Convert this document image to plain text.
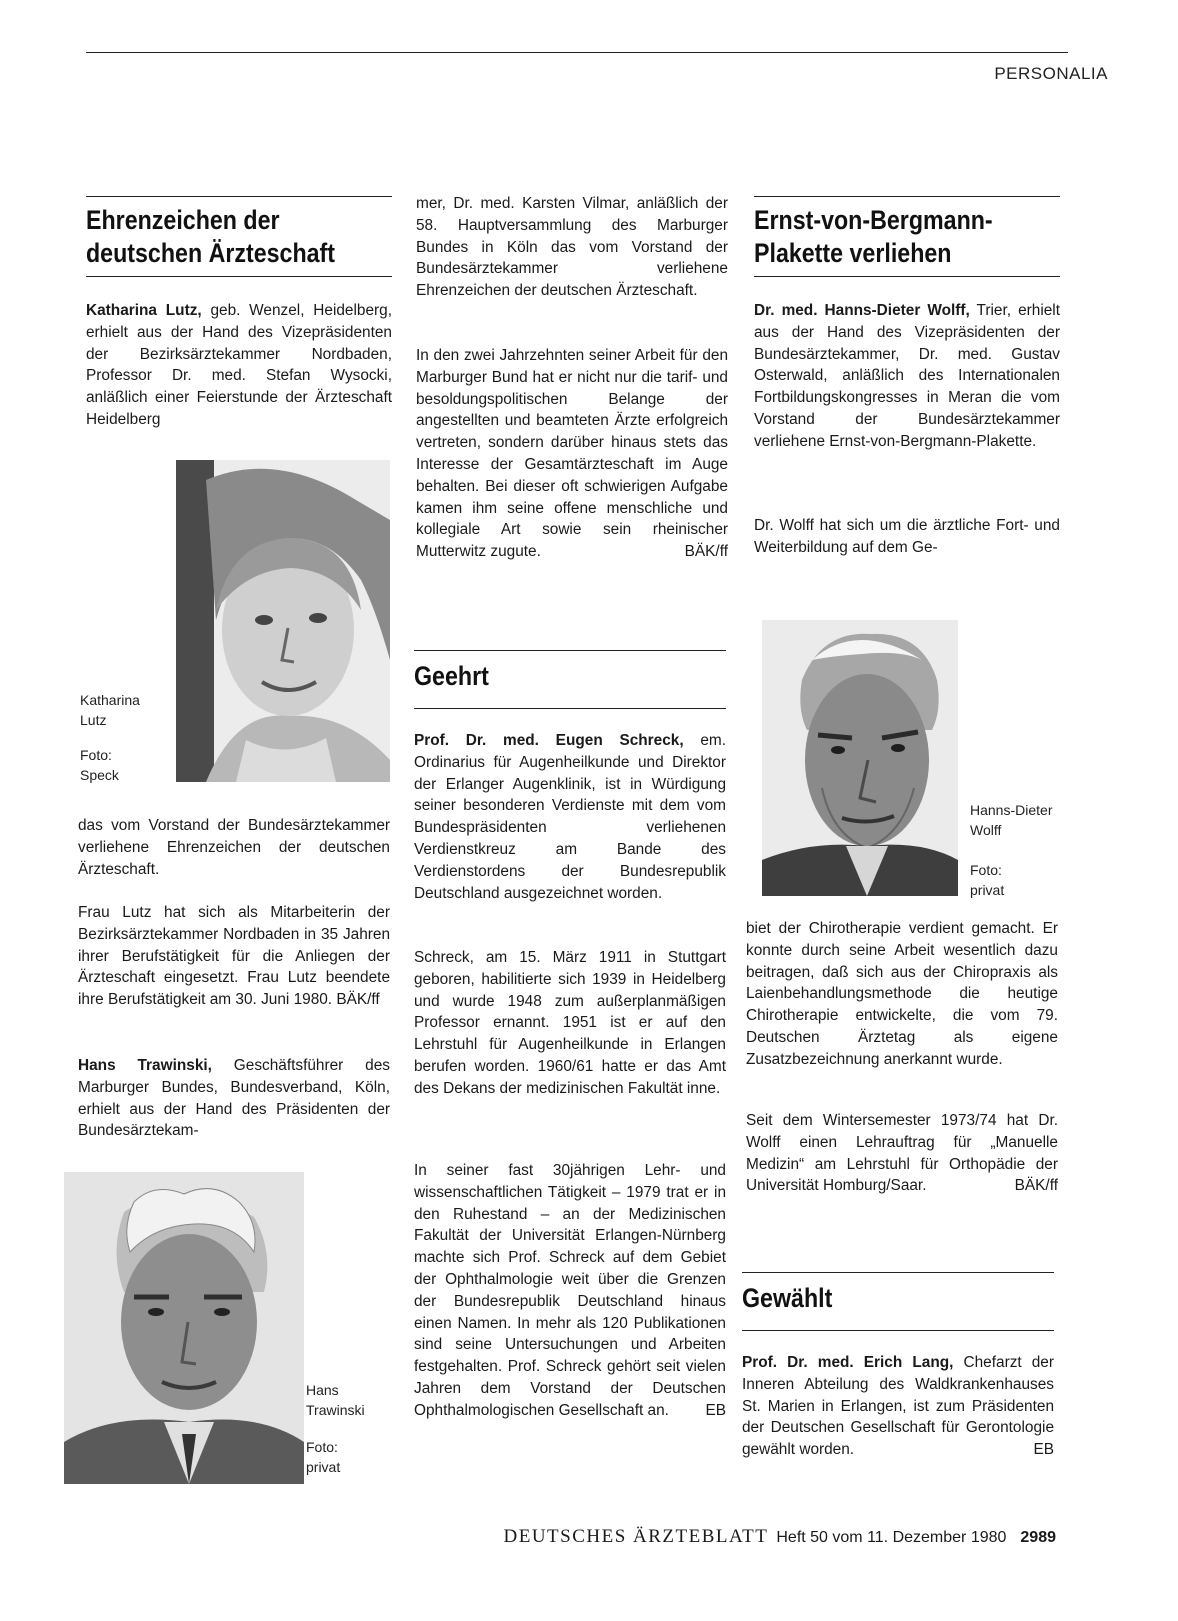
PERSONALIA
Ehrenzeichen der deutschen Ärzteschaft

Katharina Lutz, geb. Wenzel, Heidelberg, erhielt aus der Hand des Vizepräsidenten der Bezirksärztekammer Nordbaden, Professor Dr. med. Stefan Wysocki, anläßlich einer Feierstunde der Ärzteschaft Heidelberg

Katharina Lutz

Foto: Speck

das vom Vorstand der Bundesärztekammer verliehene Ehrenzeichen der deutschen Ärzteschaft.

Frau Lutz hat sich als Mitarbeiterin der Bezirksärztekammer Nordbaden in 35 Jahren ihrer Berufstätigkeit für die Anliegen der Ärzteschaft eingesetzt. Frau Lutz beendete ihre Berufstätigkeit am 30. Juni 1980. BÄK/ff

Hans Trawinski, Geschäftsführer des Marburger Bundes, Bundesverband, Köln, erhielt aus der Hand des Präsidenten der Bundesärztekam-

Hans Trawinski

Foto: privat

mer, Dr. med. Karsten Vilmar, anläßlich der 58. Hauptversammlung des Marburger Bundes in Köln das vom Vorstand der Bundesärztekammer verliehene Ehrenzeichen der deutschen Ärzteschaft.

In den zwei Jahrzehnten seiner Arbeit für den Marburger Bund hat er nicht nur die tarif- und besoldungspolitischen Belange der angestellten und beamteten Ärzte erfolgreich vertreten, sondern darüber hinaus stets das Interesse der Gesamtärzteschaft im Auge behalten. Bei dieser oft schwierigen Aufgabe kamen ihm seine offene menschliche und kollegiale Art sowie sein rheinischer Mutterwitz zugute.	BÄK/ff

Geehrt

Prof. Dr. med. Eugen Schreck, em. Ordinarius für Augenheilkunde und Direktor der Erlanger Augenklinik, ist in Würdigung seiner besonderen Verdienste mit dem vom Bundespräsidenten verliehenen Verdienstkreuz am Bande des Verdienstordens der Bundesrepublik Deutschland ausgezeichnet worden.

Schreck, am 15. März 1911 in Stuttgart geboren, habilitierte sich 1939 in Heidelberg und wurde 1948 zum außerplanmäßigen Professor ernannt. 1951 ist er auf den Lehrstuhl für Augenheilkunde in Erlangen berufen worden. 1960/61 hatte er das Amt des Dekans der medizinischen Fakultät inne.

In seiner fast 30jährigen Lehr- und wissenschaftlichen Tätigkeit – 1979 trat er in den Ruhestand – an der Medizinischen Fakultät der Universität Erlangen-Nürnberg machte sich Prof. Schreck auf dem Gebiet der Ophthalmologie weit über die Grenzen der Bundesrepublik Deutschland hinaus einen Namen. In mehr als 120 Publikationen sind seine Untersuchungen und Arbeiten festgehalten. Prof. Schreck gehört seit vielen Jahren dem Vorstand der Deutschen Ophthalmologischen Gesellschaft an. EB

Ernst-von-Bergmann-Plakette verliehen

Dr. med. Hanns-Dieter Wolff, Trier, erhielt aus der Hand des Vizepräsidenten der Bundesärztekammer, Dr. med. Gustav Osterwald, anläßlich des Internationalen Fortbildungskongresses in Meran die vom Vorstand der Bundesärztekammer verliehene Ernst-von-Bergmann-Plakette.

Dr. Wolff hat sich um die ärztliche Fort- und Weiterbildung auf dem Ge-

Hanns-Dieter Wolff

Foto: privat

biet der Chirotherapie verdient gemacht. Er konnte durch seine Arbeit wesentlich dazu beitragen, daß sich aus der Chiropraxis als Laienbehandlungsmethode die heutige Chirotherapie entwickelte, die vom 79. Deutschen Ärztetag als eigene Zusatzbezeichnung anerkannt wurde.

Seit dem Wintersemester 1973/74 hat Dr. Wolff einen Lehrauftrag für „Manuelle Medizin“ am Lehrstuhl für Orthopädie der Universität Homburg/Saar.	BÄK/ff

Gewählt

Prof. Dr. med. Erich Lang, Chefarzt der Inneren Abteilung des Waldkrankenhauses St. Marien in Erlangen, ist zum Präsidenten der Deutschen Gesellschaft für Gerontologie gewählt worden.	EB

DEUTSCHES ÄRZTEBLATT Heft 50 vom 11. Dezember 1980 2989
